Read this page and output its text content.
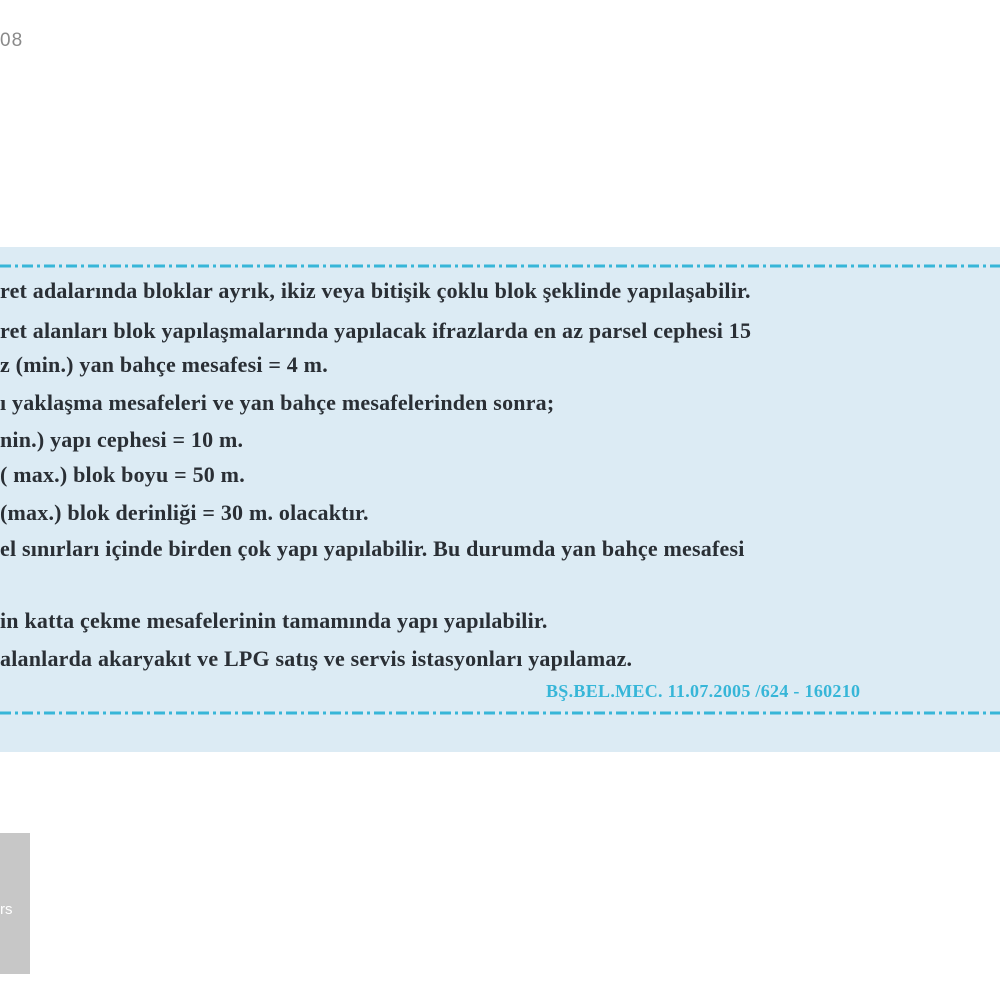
08
ret adalarında bloklar ayrık, ikiz veya bitişik çoklu blok şeklinde yapılaşabilir.
ret alanları blok yapılaşmalarında yapılacak ifrazlarda en az parsel cephesi 15
z (min.) yan bahçe mesafesi = 4 m.
ı yaklaşma mesafeleri ve yan bahçe mesafelerinden sonra;
nin.) yapı cephesi = 10 m.
( max.) blok boyu = 50 m.
(max.) blok derinliği = 30 m. olacaktır.
el sınırları içinde birden çok yapı yapılabilir. Bu durumda yan bahçe mesafesi
in katta çekme mesafelerinin tamamında yapı yapılabilir.
alanlarda akaryakıt ve LPG satış ve servis istasyonları yapılamaz.
BŞ.BEL.MEC. 11.07.2005 /624 - 160210
rs
